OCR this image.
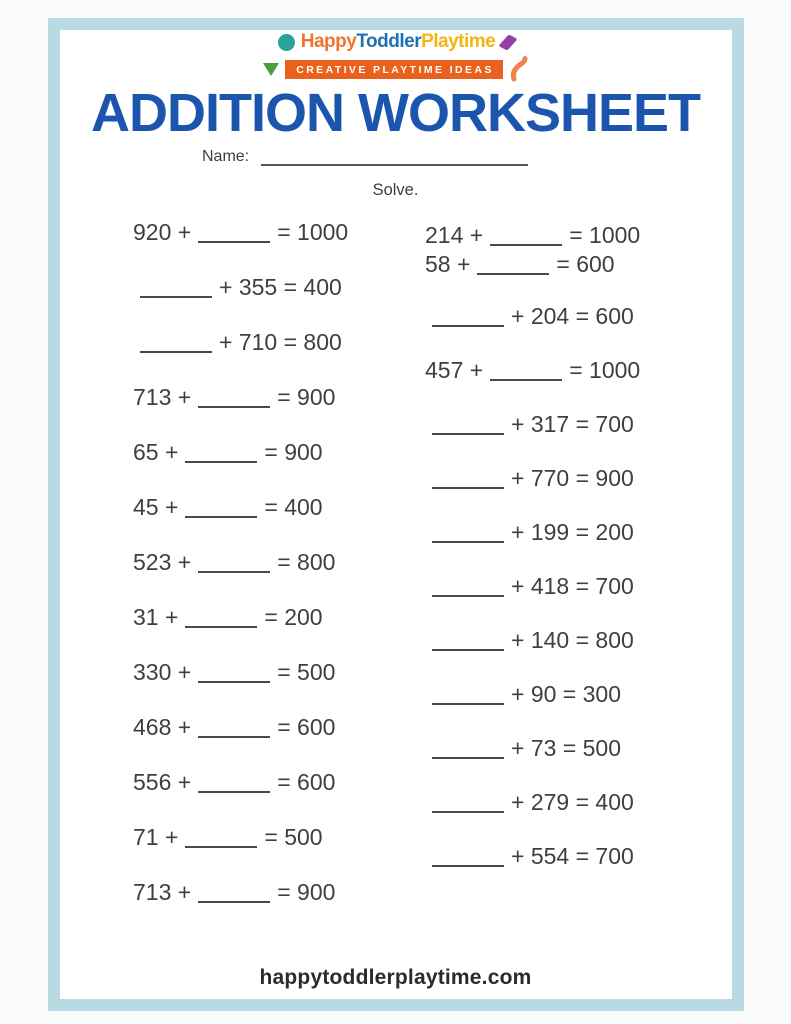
HappyToddlerPlaytime
CREATIVE PLAYTIME IDEAS
ADDITION WORKSHEET
Name:
Solve.
920 +	= 1000
+ 355 = 400
+ 710 = 800
713 +	= 900
65 +	= 900
45 +	= 400
523 +	= 800
31 +	= 200
330 +	= 500
468 +	= 600
556 +	= 600
71 +	= 500
713 +	= 900
214 +	= 1000
58 +	= 600
+ 204 = 600
457 +	= 1000
+ 317 = 700
+ 770 = 900
+ 199 = 200
+ 418 = 700
+ 140 = 800
+ 90 = 300
+ 73 = 500
+ 279 = 400
+ 554 = 700
happytoddlerplaytime.com
